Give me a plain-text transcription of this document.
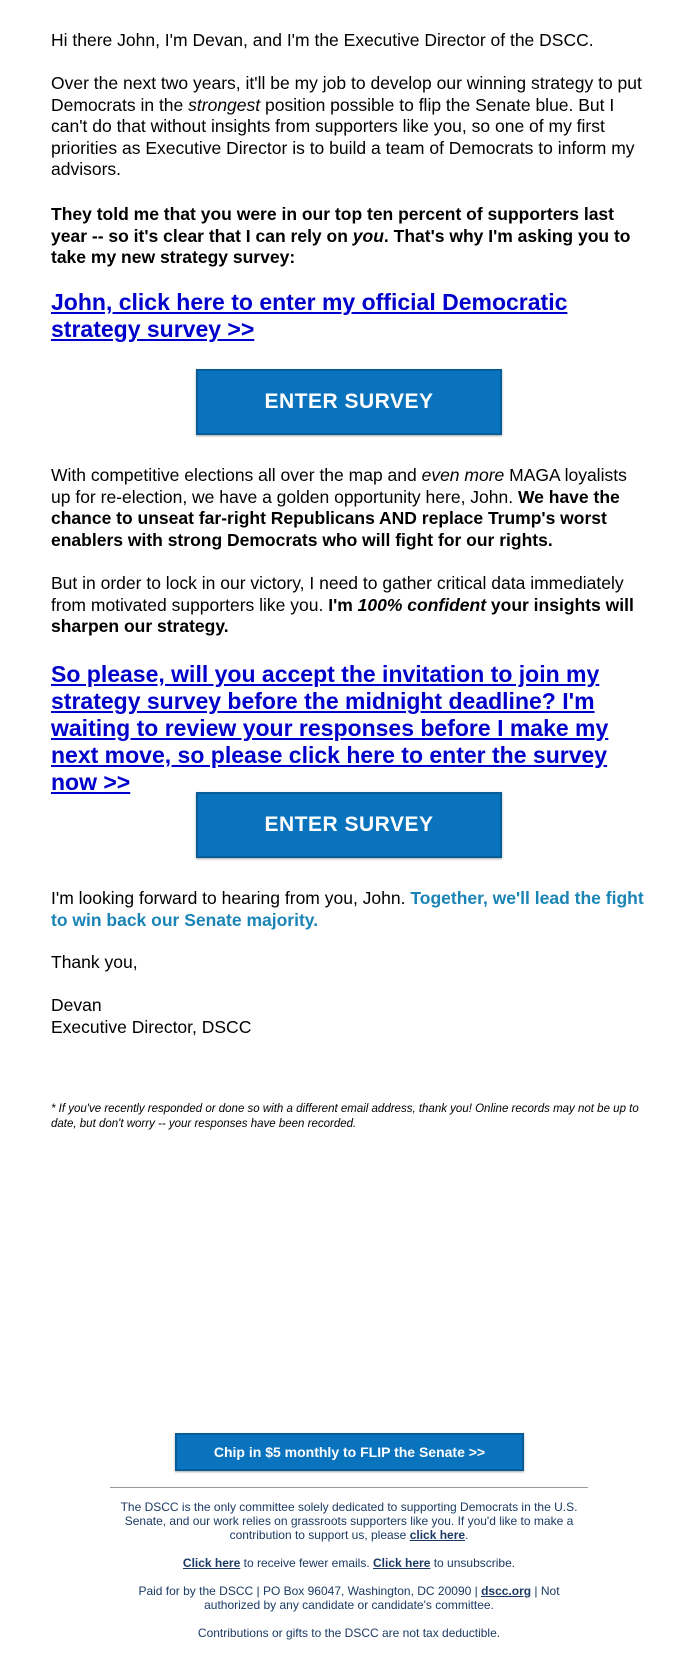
Hi there John, I'm Devan, and I'm the Executive Director of the DSCC.

Over the next two years, it'll be my job to develop our winning strategy to put Democrats in the strongest position possible to flip the Senate blue. But I can't do that without insights from supporters like you, so one of my first priorities as Executive Director is to build a team of Democrats to inform my advisors.

They told me that you were in our top ten percent of supporters last year -- so it's clear that I can rely on you. That's why I'm asking you to take my new strategy survey:

John, click here to enter my official Democratic strategy survey >>
ENTER SURVEY

With competitive elections all over the map and even more MAGA loyalists up for re-election, we have a golden opportunity here, John. We have the chance to unseat far-right Republicans AND replace Trump's worst enablers with strong Democrats who will fight for our rights.

But in order to lock in our victory, I need to gather critical data immediately from motivated supporters like you. I'm 100% confident your insights will sharpen our strategy.

So please, will you accept the invitation to join my strategy survey before the midnight deadline? I'm waiting to review your responses before I make my next move, so please click here to enter the survey now >>
ENTER SURVEY

I'm looking forward to hearing from you, John. Together, we'll lead the fight to win back our Senate majority.

Thank you,

Devan
Executive Director, DSCC

* If you've recently responded or done so with a different email address, thank you! Online records may not be up to date, but don't worry -- your responses have been recorded.

Chip in $5 monthly to FLIP the Senate >>

The DSCC is the only committee solely dedicated to supporting Democrats in the U.S. Senate, and our work relies on grassroots supporters like you. If you'd like to make a contribution to support us, please click here.

Click here to receive fewer emails. Click here to unsubscribe.

Paid for by the DSCC | PO Box 96047, Washington, DC 20090 | dscc.org | Not authorized by any candidate or candidate's committee.

Contributions or gifts to the DSCC are not tax deductible.
